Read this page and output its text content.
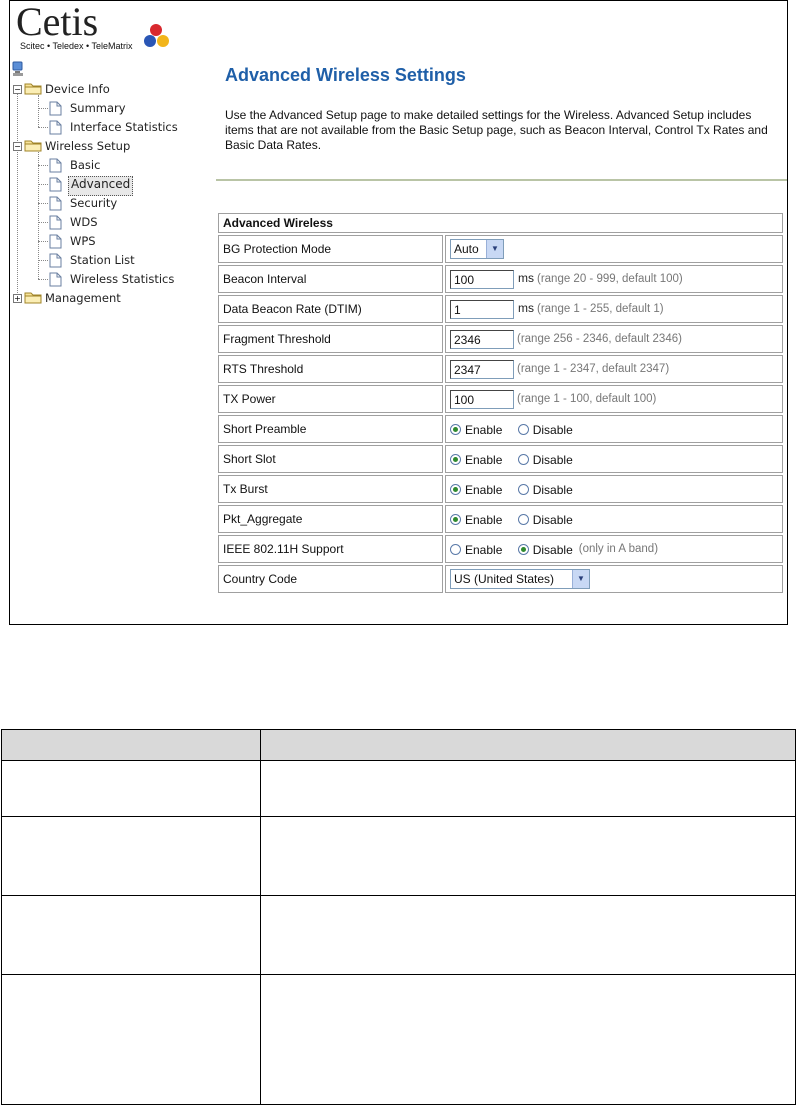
Cetis
Scitec • Teledex • TeleMatrix
− Device Info
Summary
Interface Statistics
− Wireless Setup
Basic
Advanced
Security
WDS
WPS
Station List
Wireless Statistics
+ Management
Advanced Wireless Settings
Use the Advanced Setup page to make detailed settings for the Wireless. Advanced Setup includes items that are not available from the Basic Setup page, such as Beacon Interval, Control Tx Rates and Basic Data Rates.
Advanced Wireless	
BG Protection Mode	Auto ▼

Beacon Interval	100 ms (range 20 - 999, default 100)
Data Beacon Rate (DTIM)	1 ms (range 1 - 255, default 1)
Fragment Threshold	2346 (range 256 - 2346, default 2346)
RTS Threshold	2347 (range 1 - 2347, default 2347)
TX Power	100 (range 1 - 100, default 100)
Short Preamble	Enable Disable
Short Slot	Enable Disable
Tx Burst	Enable Disable
Pkt_Aggregate	Enable Disable
IEEE 802.11H Support	Enable Disable (only in A band)
Country Code	US (United States) ▼
